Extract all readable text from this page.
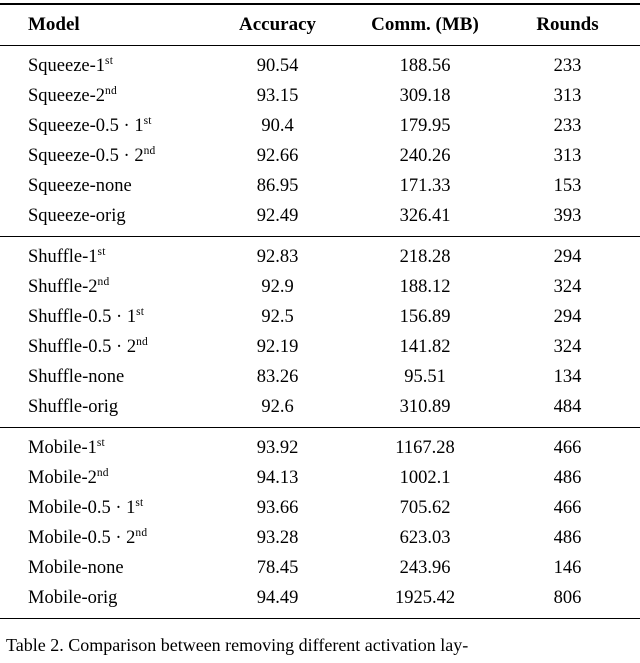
Model	Accuracy	Comm. (MB)	Rounds
Squeeze-1st	90.54	188.56	233
Squeeze-2nd	93.15	309.18	313
Squeeze-0.5 · 1st	90.4	179.95	233
Squeeze-0.5 · 2nd	92.66	240.26	313
Squeeze-none	86.95	171.33	153
Squeeze-orig	92.49	326.41	393
Shuffle-1st	92.83	218.28	294
Shuffle-2nd	92.9	188.12	324
Shuffle-0.5 · 1st	92.5	156.89	294
Shuffle-0.5 · 2nd	92.19	141.82	324
Shuffle-none	83.26	95.51	134
Shuffle-orig	92.6	310.89	484
Mobile-1st	93.92	1167.28	466
Mobile-2nd	94.13	1002.1	486
Mobile-0.5 · 1st	93.66	705.62	466
Mobile-0.5 · 2nd	93.28	623.03	486
Mobile-none	78.45	243.96	146
Mobile-orig	94.49	1925.42	806
Table 2. Comparison between removing different activation lay-
